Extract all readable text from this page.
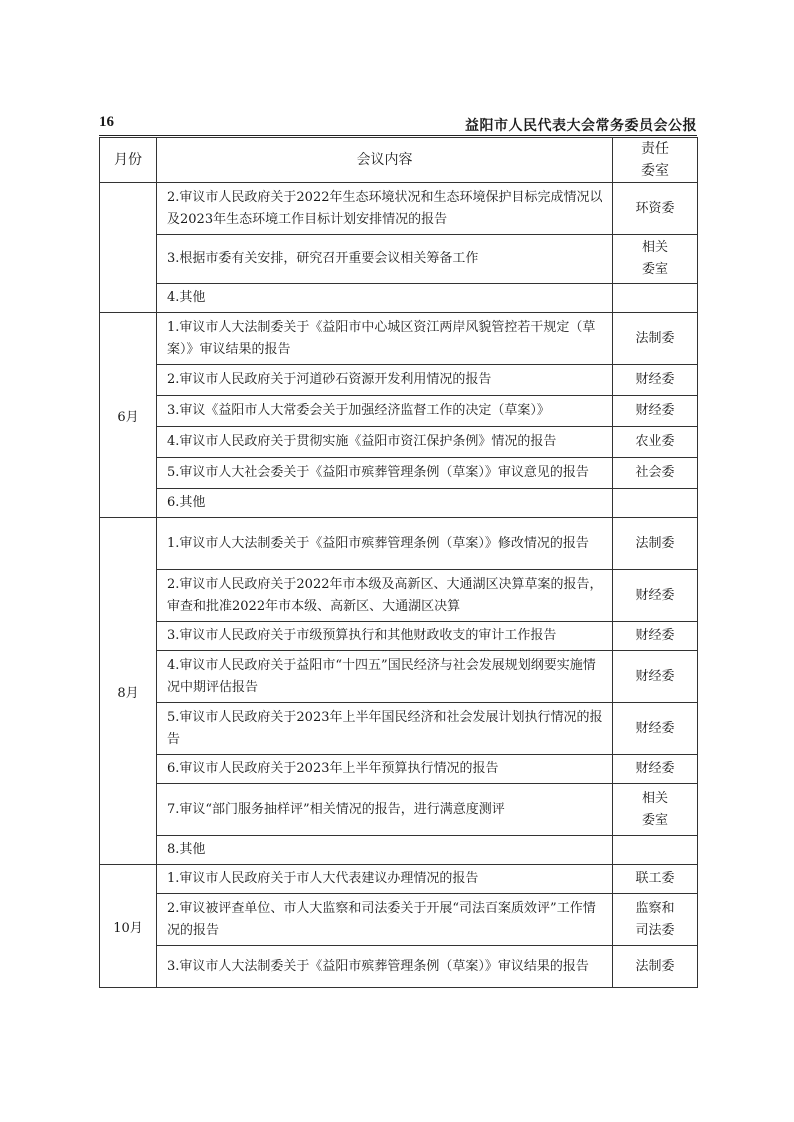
16	益阳市人民代表大会常务委员会公报
月份	会议内容	责任
委室

	2.审议市人民政府关于2022年生态环境状况和生态环境保护目标完成情况以及2023年生态环境工作目标计划安排情况的报告	环资委
	3.根据市委有关安排，研究召开重要会议相关筹备工作	相关委室

	4.其他	
6月	1.审议市人大法制委关于《益阳市中心城区资江两岸风貌管控若干规定（草案）》审议结果的报告	法制委
	2.审议市人民政府关于河道砂石资源开发利用情况的报告	财经委
	3.审议《益阳市人大常委会关于加强经济监督工作的决定（草案）》	财经委
	4.审议市人民政府关于贯彻实施《益阳市资江保护条例》情况的报告	农业委
	5.审议市人大社会委关于《益阳市殡葬管理条例（草案）》审议意见的报告	社会委
	6.其他	
8月	1.审议市人大法制委关于《益阳市殡葬管理条例（草案）》修改情况的报告	法制委
	2.审议市人民政府关于2022年市本级及高新区、大通湖区决算草案的报告，审查和批准2022年市本级、高新区、大通湖区决算	财经委
	3.审议市人民政府关于市级预算执行和其他财政收支的审计工作报告	财经委
	4.审议市人民政府关于益阳市“十四五”国民经济与社会发展规划纲要实施情况中期评估报告	财经委
	5.审议市人民政府关于2023年上半年国民经济和社会发展计划执行情况的报告	财经委
	6.审议市人民政府关于2023年上半年预算执行情况的报告	财经委
	7.审议“部门服务抽样评”相关情况的报告，进行满意度测评	相关委室

	8.其他	
10月	1.审议市人民政府关于市人大代表建议办理情况的报告	联工委
	2.审议被评查单位、市人大监察和司法委关于开展“司法百案质效评”工作情况的报告	监察和司法委

	3.审议市人大法制委关于《益阳市殡葬管理条例（草案）》审议结果的报告	法制委
